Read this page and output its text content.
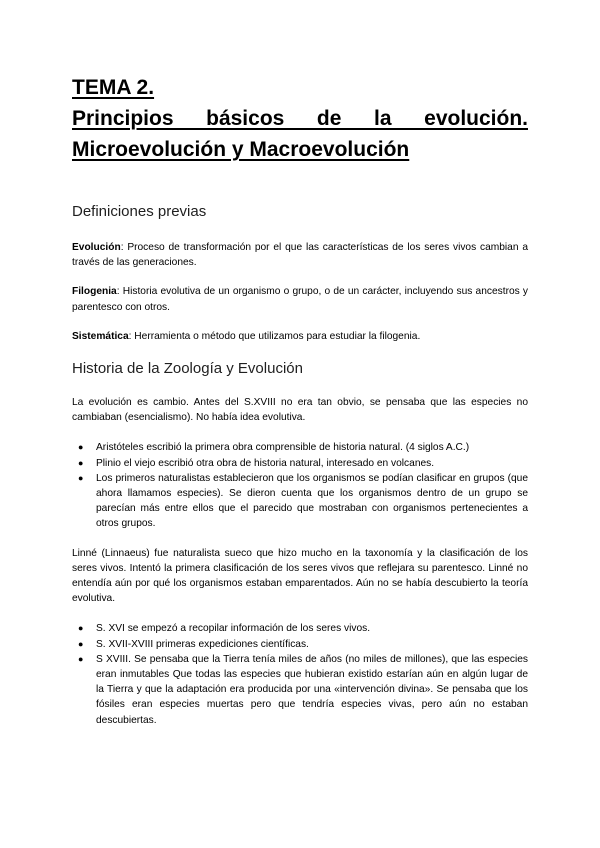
TEMA 2.

Principios básicos de la evolución.

Microevolución y Macroevolución

Definiciones previas

Evolución: Proceso de transformación por el que las características de los seres vivos cambian a través de las generaciones.

Filogenia: Historia evolutiva de un organismo o grupo, o de un carácter, incluyendo sus ancestros y parentesco con otros.

Sistemática: Herramienta o método que utilizamos para estudiar la filogenia.

Historia de la Zoología y Evolución

La evolución es cambio. Antes del S.XVIII no era tan obvio, se pensaba que las especies no cambiaban (esencialismo). No había idea evolutiva.

● Aristóteles escribió la primera obra comprensible de historia natural. (4 siglos A.C.)
● Plinio el viejo escribió otra obra de historia natural, interesado en volcanes.
● Los primeros naturalistas establecieron que los organismos se podían clasificar en grupos (que ahora llamamos especies). Se dieron cuenta que los organismos dentro de un grupo se parecían más entre ellos que el parecido que mostraban con organismos pertenecientes a otros grupos.

Linné (Linnaeus) fue naturalista sueco que hizo mucho en la taxonomía y la clasificación de los seres vivos. Intentó la primera clasificación de los seres vivos que reflejara su parentesco. Linné no entendía aún por qué los organismos estaban emparentados. Aún no se había descubierto la teoría evolutiva.

● S. XVI se empezó a recopilar información de los seres vivos.
● S. XVII-XVIII primeras expediciones científicas.
● S XVIII. Se pensaba que la Tierra tenía miles de años (no miles de millones), que las especies eran inmutables Que todas las especies que hubieran existido estarían aún en algún lugar de la Tierra y que la adaptación era producida por una «intervención divina». Se pensaba que los fósiles eran especies muertas pero que tendría especies vivas, pero aún no estaban descubiertas.
